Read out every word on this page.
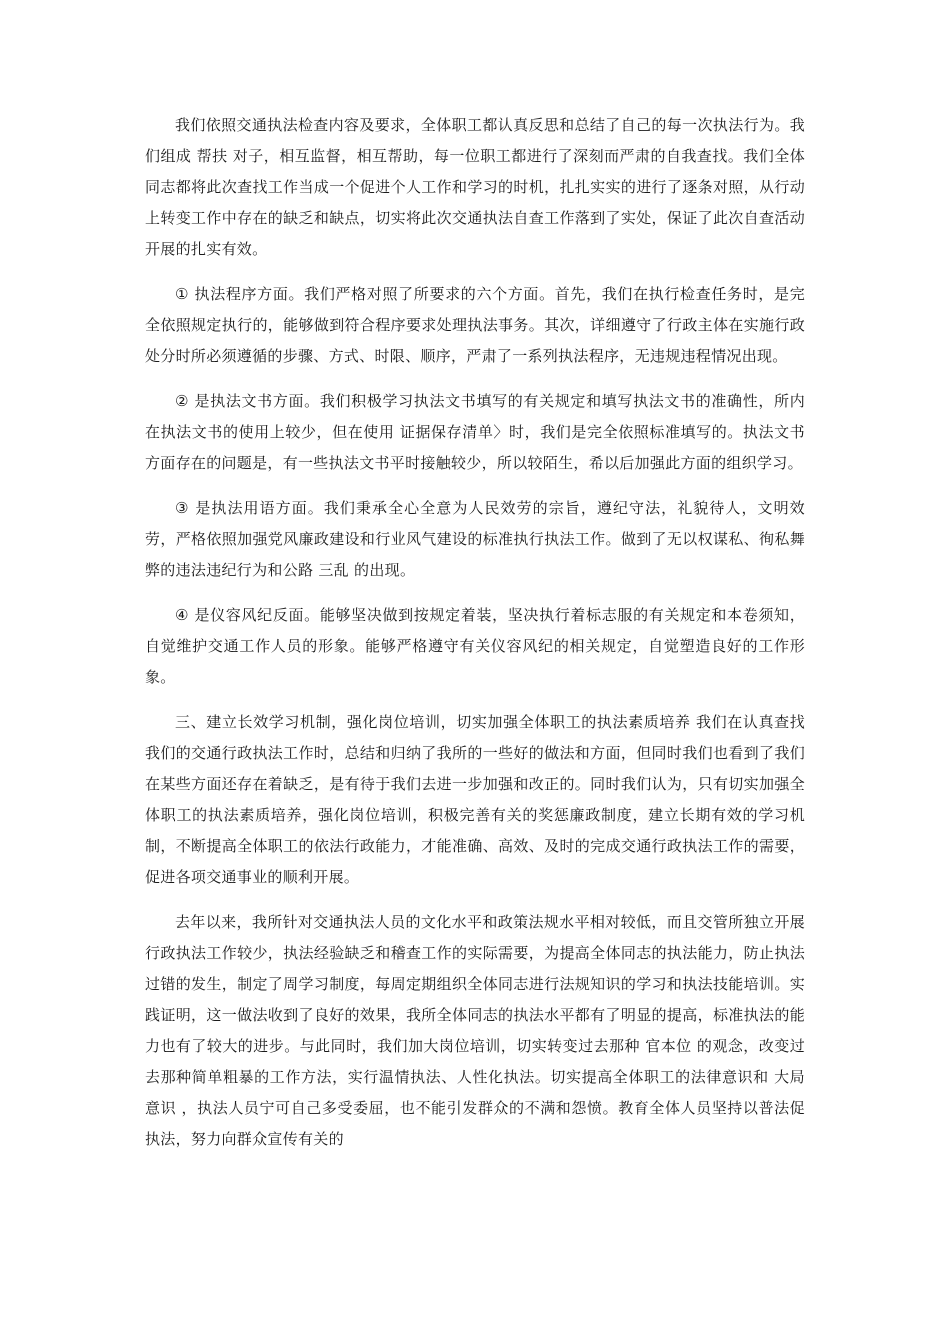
我们依照交通执法检查内容及要求，全体职工都认真反思和总结了自己的每一次执法行为。我们组成 帮扶 对子，相互监督，相互帮助，每一位职工都进行了深刻而严肃的自我查找。我们全体同志都将此次查找工作当成一个促进个人工作和学习的时机，扎扎实实的进行了逐条对照，从行动上转变工作中存在的缺乏和缺点，切实将此次交通执法自查工作落到了实处，保证了此次自查活动开展的扎实有效。

① 执法程序方面。我们严格对照了所要求的六个方面。首先，我们在执行检查任务时，是完全依照规定执行的，能够做到符合程序要求处理执法事务。其次，详细遵守了行政主体在实施行政处分时所必须遵循的步骤、方式、时限、顺序，严肃了一系列执法程序，无违规违程情况出现。

② 是执法文书方面。我们积极学习执法文书填写的有关规定和填写执法文书的准确性，所内在执法文书的使用上较少，但在使用 证据保存清单〉时，我们是完全依照标准填写的。执法文书方面存在的问题是，有一些执法文书平时接触较少，所以较陌生，希以后加强此方面的组织学习。

③ 是执法用语方面。我们秉承全心全意为人民效劳的宗旨，遵纪守法，礼貌待人，文明效劳，严格依照加强党风廉政建设和行业风气建设的标准执行执法工作。做到了无以权谋私、徇私舞弊的违法违纪行为和公路 三乱 的出现。

④ 是仪容风纪反面。能够坚决做到按规定着装，坚决执行着标志服的有关规定和本卷须知，自觉维护交通工作人员的形象。能够严格遵守有关仪容风纪的相关规定，自觉塑造良好的工作形象。

三、建立长效学习机制，强化岗位培训，切实加强全体职工的执法素质培养 我们在认真查找我们的交通行政执法工作时，总结和归纳了我所的一些好的做法和方面，但同时我们也看到了我们在某些方面还存在着缺乏，是有待于我们去进一步加强和改正的。同时我们认为，只有切实加强全体职工的执法素质培养，强化岗位培训，积极完善有关的奖惩廉政制度，建立长期有效的学习机制，不断提高全体职工的依法行政能力，才能准确、高效、及时的完成交通行政执法工作的需要，促进各项交通事业的顺利开展。

去年以来，我所针对交通执法人员的文化水平和政策法规水平相对较低，而且交管所独立开展行政执法工作较少，执法经验缺乏和稽查工作的实际需要，为提高全体同志的执法能力，防止执法过错的发生，制定了周学习制度，每周定期组织全体同志进行法规知识的学习和执法技能培训。实践证明，这一做法收到了良好的效果，我所全体同志的执法水平都有了明显的提高，标准执法的能力也有了较大的进步。与此同时，我们加大岗位培训，切实转变过去那种 官本位 的观念，改变过去那种简单粗暴的工作方法，实行温情执法、人性化执法。切实提高全体职工的法律意识和 大局意识 ，执法人员宁可自己多受委屈，也不能引发群众的不满和怨愤。教育全体人员坚持以普法促执法，努力向群众宣传有关的
